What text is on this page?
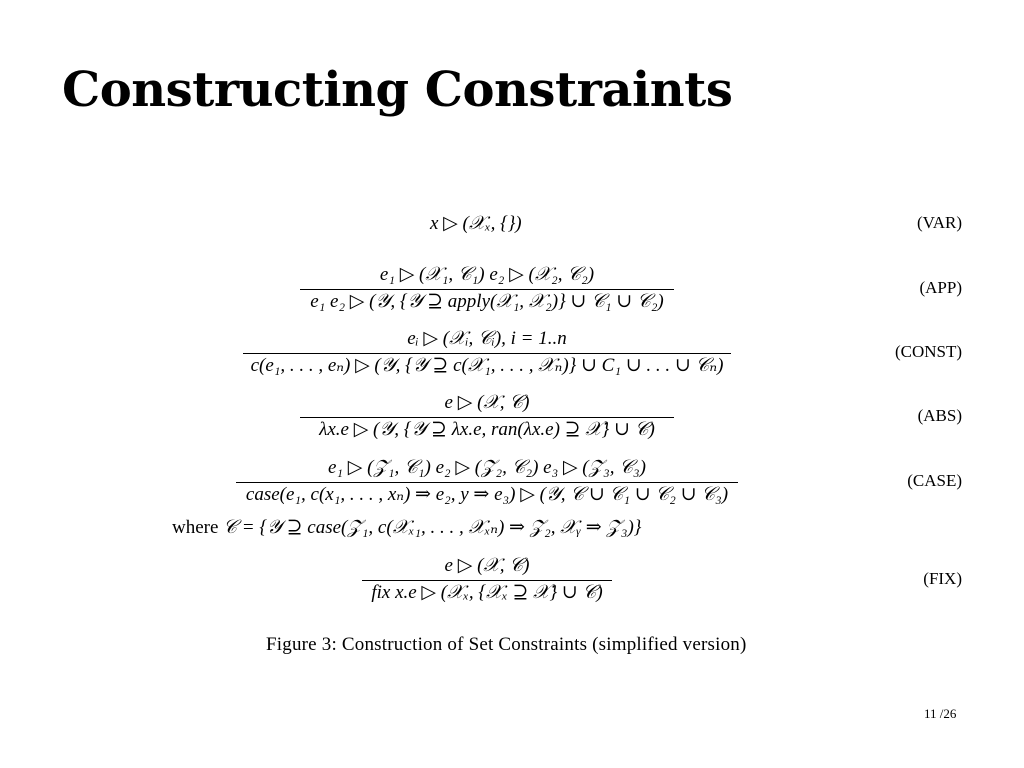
Constructing Constraints
x ▷ (𝒳ₓ, {})	(VAR)
e₁ ▷ (𝒳₁, 𝒞₁) e₂ ▷ (𝒳₂, 𝒞₂)
e₁ e₂ ▷ (𝒴, {𝒴 ⊇ apply(𝒳₁, 𝒳₂)} ∪ 𝒞₁ ∪ 𝒞₂)
(APP)
eᵢ ▷ (𝒳ᵢ, 𝒞ᵢ), i = 1..n
c(e₁, . . . , eₙ) ▷ (𝒴, {𝒴 ⊇ c(𝒳₁, . . . , 𝒳ₙ)} ∪ C₁ ∪ . . . ∪ 𝒞ₙ)
(CONST)
e ▷ (𝒳, 𝒞)
λx.e ▷ (𝒴, {𝒴 ⊇ λx.e, ran(λx.e) ⊇ 𝒳} ∪ 𝒞)
(ABS)
e₁ ▷ (𝒵₁, 𝒞₁) e₂ ▷ (𝒵₂, 𝒞₂) e₃ ▷ (𝒵₃, 𝒞₃)
case(e₁, c(x₁, . . . , xₙ) ⇒ e₂, y ⇒ e₃) ▷ (𝒴, 𝒞 ∪ 𝒞₁ ∪ 𝒞₂ ∪ 𝒞₃)
(CASE)
where 𝒞 = {𝒴 ⊇ case(𝒵₁, c(𝒳ₓ₁, . . . , 𝒳ₓₙ) ⇒ 𝒵₂, 𝒳ᵧ ⇒ 𝒵₃)}
e ▷ (𝒳, 𝒞)
fix x.e ▷ (𝒳ₓ, {𝒳ₓ ⊇ 𝒳} ∪ 𝒞)
(FIX)
Figure 3: Construction of Set Constraints (simplified version)
11 /26
